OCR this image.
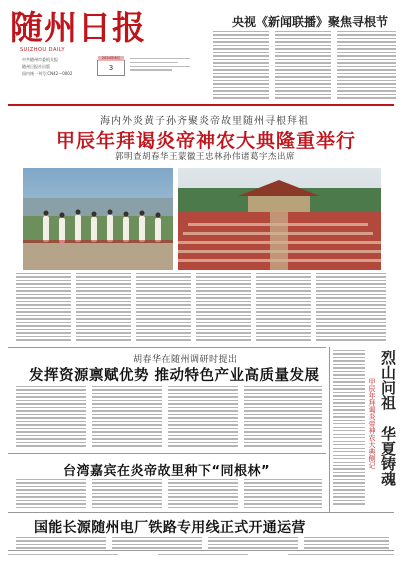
随州日报
SUIZHOU DAILY
中共随州市委机关报
随州日报社出版
国内统一刊号:CN42—0002
2024年6月
3
央视《新闻联播》聚焦寻根节
海内外炎黄子孙齐聚炎帝故里随州寻根拜祖
甲辰年拜谒炎帝神农大典隆重举行
郭明查胡春华王蒙徽王忠林孙伟诸葛宇杰出席
胡春华在随州调研时提出
发挥资源禀赋优势 推动特色产业高质量发展
台湾嘉宾在炎帝故里种下“同根林”
国能长源随州电厂铁路专用线正式开通运营
烈山问祖
华夏铸魂
甲辰年拜谒炎帝神农大典侧记
